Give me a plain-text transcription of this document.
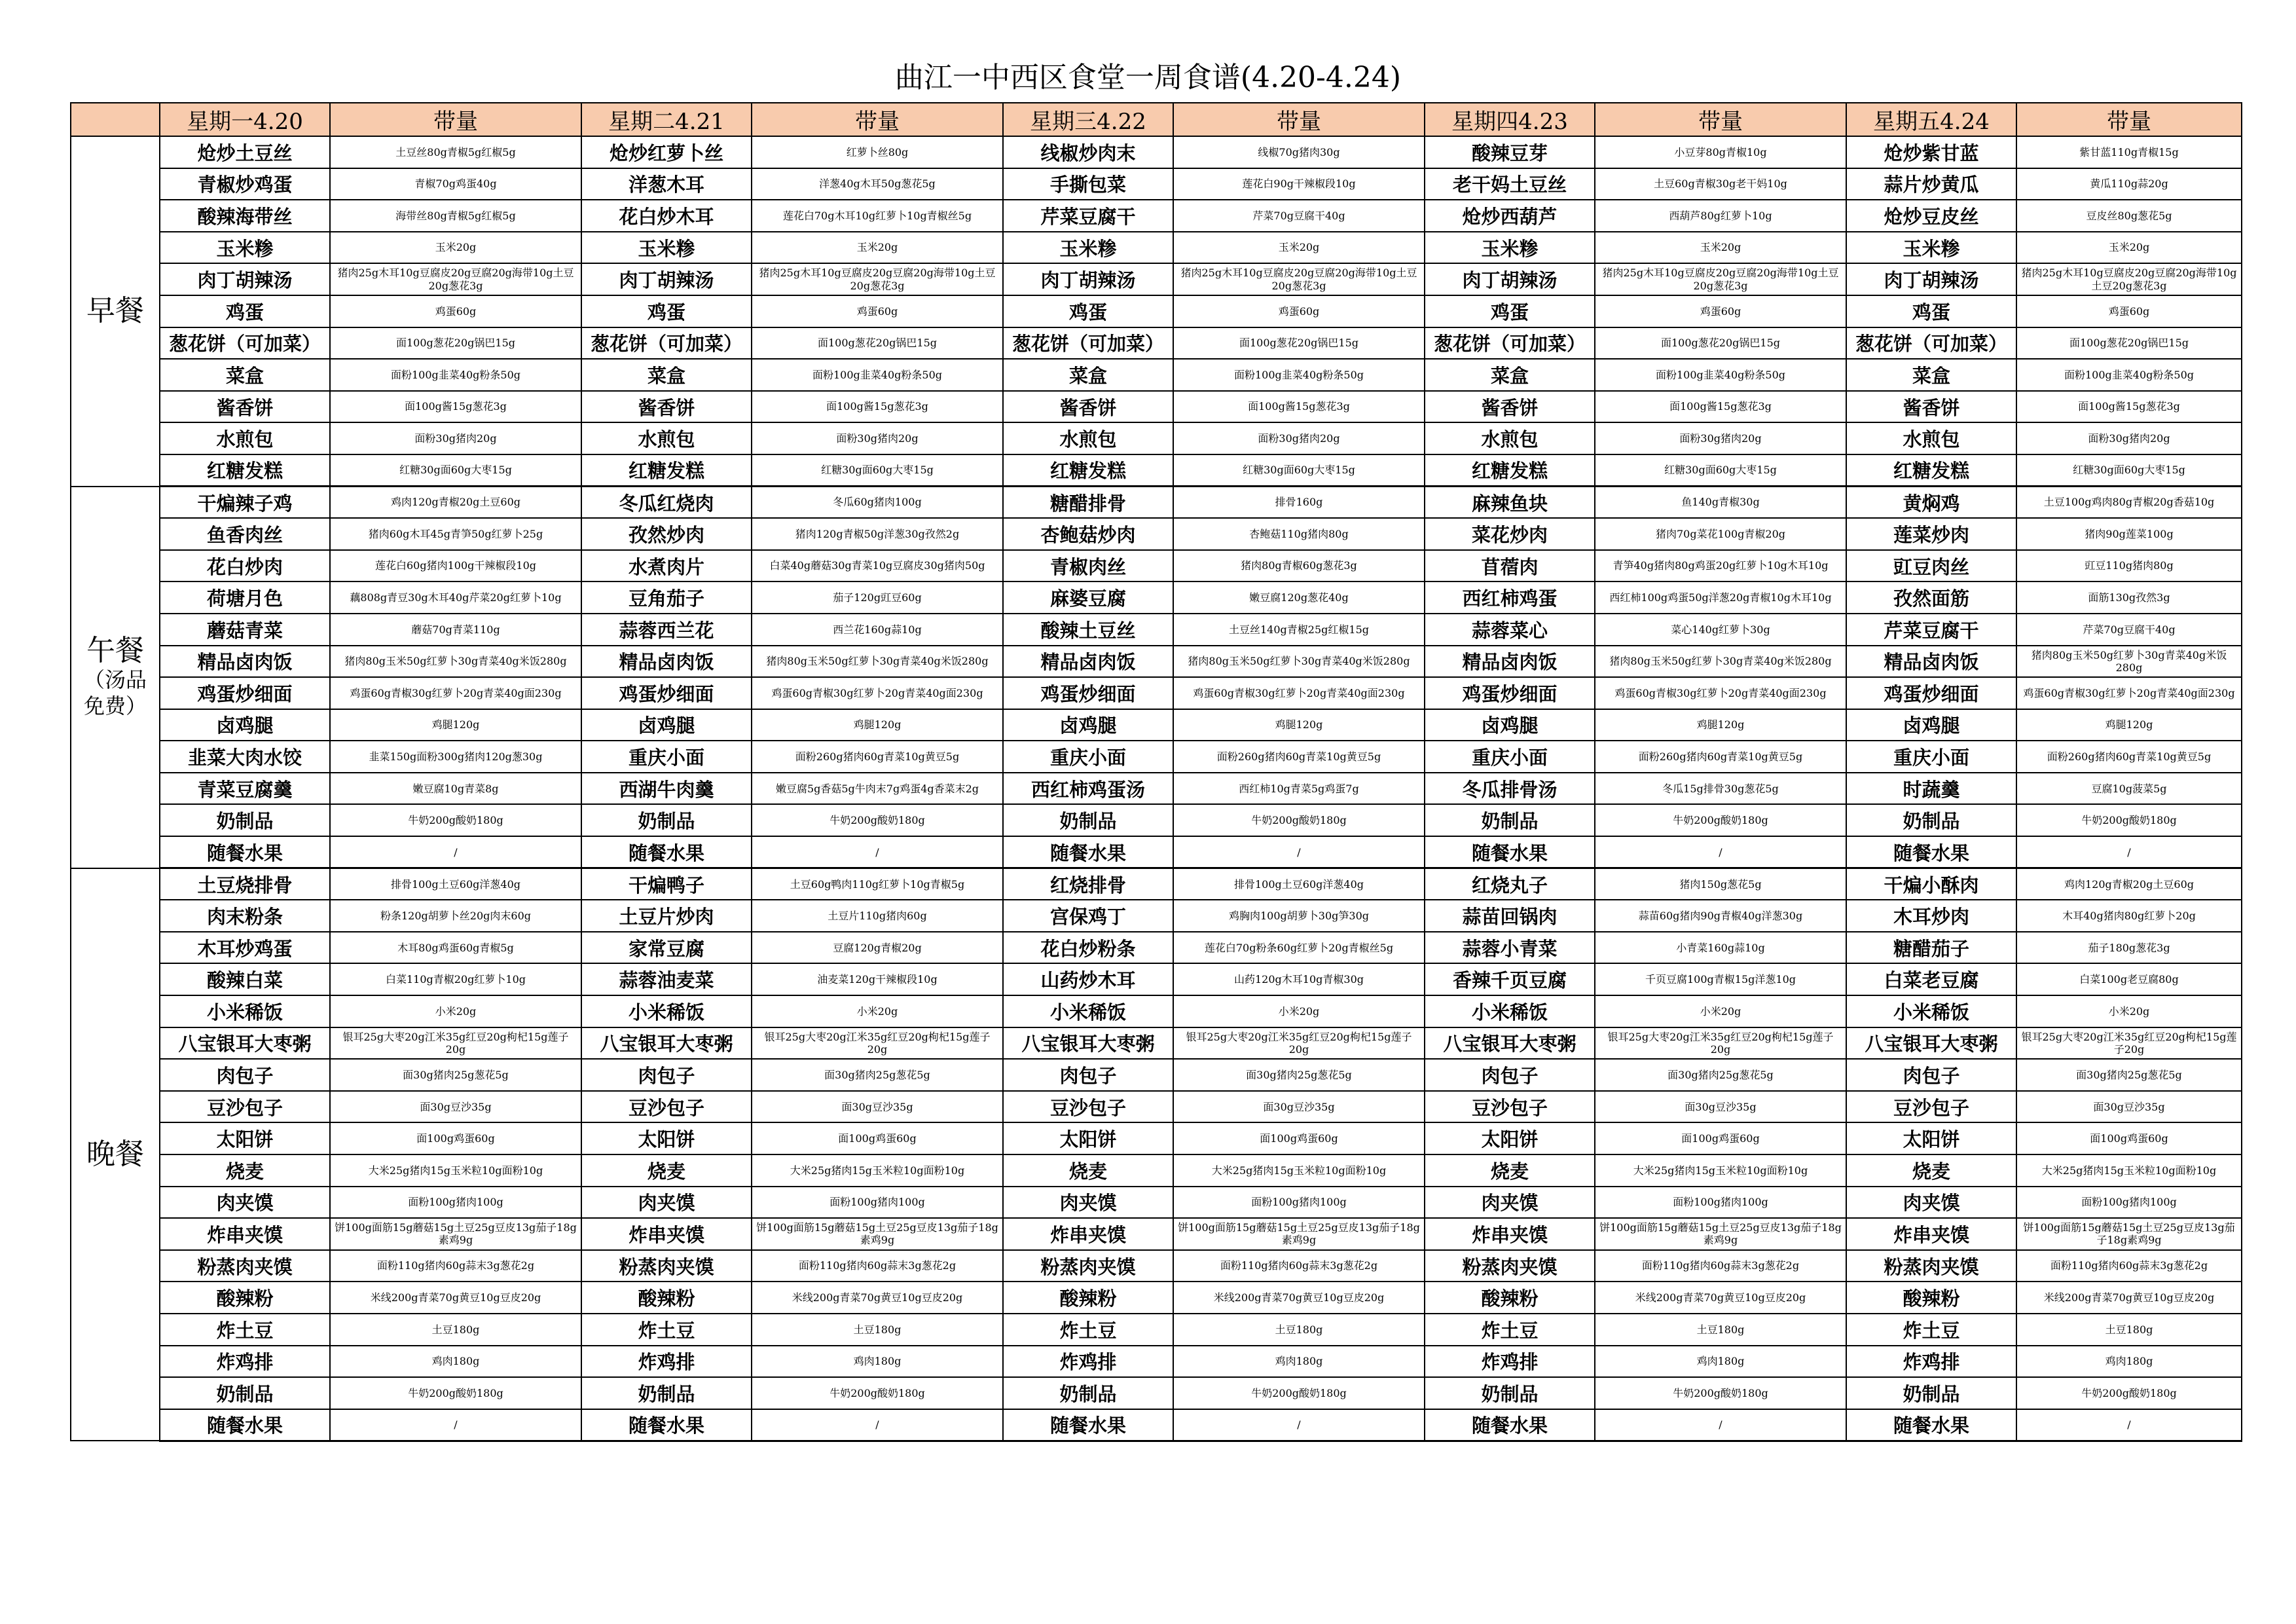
曲江一中西区食堂一周食谱(4.20-4.24)
	星期一4.20	带量	星期二4.21	带量	星期三4.22	带量	星期四4.23	带量	星期五4.24	带量
早餐	炝炒土豆丝	土豆丝80g青椒5g红椒5g	炝炒红萝卜丝	红萝卜丝80g	线椒炒肉末	线椒70g猪肉30g	酸辣豆芽	小豆芽80g青椒10g	炝炒紫甘蓝	紫甘蓝110g青椒15g
	青椒炒鸡蛋	青椒70g鸡蛋40g	洋葱木耳	洋葱40g木耳50g葱花5g	手撕包菜	莲花白90g干辣椒段10g	老干妈土豆丝	土豆60g青椒30g老干妈10g	蒜片炒黄瓜	黄瓜110g蒜20g
	酸辣海带丝	海带丝80g青椒5g红椒5g	花白炒木耳	莲花白70g木耳10g红萝卜10g青椒丝5g	芹菜豆腐干	芹菜70g豆腐干40g	炝炒西葫芦	西葫芦80g红萝卜10g	炝炒豆皮丝	豆皮丝80g葱花5g
	玉米糁	玉米20g	玉米糁	玉米20g	玉米糁	玉米20g	玉米糁	玉米20g	玉米糁	玉米20g
	肉丁胡辣汤	猪肉25g木耳10g豆腐皮20g豆腐20g海带10g土豆20g葱花3g	肉丁胡辣汤	猪肉25g木耳10g豆腐皮20g豆腐20g海带10g土豆20g葱花3g	肉丁胡辣汤	猪肉25g木耳10g豆腐皮20g豆腐20g海带10g土豆20g葱花3g	肉丁胡辣汤	猪肉25g木耳10g豆腐皮20g豆腐20g海带10g土豆20g葱花3g	肉丁胡辣汤	猪肉25g木耳10g豆腐皮20g豆腐20g海带10g土豆20g葱花3g
	鸡蛋	鸡蛋60g	鸡蛋	鸡蛋60g	鸡蛋	鸡蛋60g	鸡蛋	鸡蛋60g	鸡蛋	鸡蛋60g
	葱花饼（可加菜）	面100g葱花20g锅巴15g	葱花饼（可加菜）	面100g葱花20g锅巴15g	葱花饼（可加菜）	面100g葱花20g锅巴15g	葱花饼（可加菜）	面100g葱花20g锅巴15g	葱花饼（可加菜）	面100g葱花20g锅巴15g
	菜盒	面粉100g韭菜40g粉条50g	菜盒	面粉100g韭菜40g粉条50g	菜盒	面粉100g韭菜40g粉条50g	菜盒	面粉100g韭菜40g粉条50g	菜盒	面粉100g韭菜40g粉条50g
	酱香饼	面100g酱15g葱花3g	酱香饼	面100g酱15g葱花3g	酱香饼	面100g酱15g葱花3g	酱香饼	面100g酱15g葱花3g	酱香饼	面100g酱15g葱花3g
	水煎包	面粉30g猪肉20g	水煎包	面粉30g猪肉20g	水煎包	面粉30g猪肉20g	水煎包	面粉30g猪肉20g	水煎包	面粉30g猪肉20g
	红糖发糕	红糖30g面60g大枣15g	红糖发糕	红糖30g面60g大枣15g	红糖发糕	红糖30g面60g大枣15g	红糖发糕	红糖30g面60g大枣15g	红糖发糕	红糖30g面60g大枣15g
午餐
（汤品免费）	干煸辣子鸡	鸡肉120g青椒20g土豆60g	冬瓜红烧肉	冬瓜60g猪肉100g	糖醋排骨	排骨160g	麻辣鱼块	鱼140g青椒30g	黄焖鸡	土豆100g鸡肉80g青椒20g香菇10g
	鱼香肉丝	猪肉60g木耳45g青笋50g红萝卜25g	孜然炒肉	猪肉120g青椒50g洋葱30g孜然2g	杏鲍菇炒肉	杏鲍菇110g猪肉80g	菜花炒肉	猪肉70g菜花100g青椒20g	莲菜炒肉	猪肉90g莲菜100g
	花白炒肉	莲花白60g猪肉100g干辣椒段10g	水煮肉片	白菜40g蘑菇30g青菜10g豆腐皮30g猪肉50g	青椒肉丝	猪肉80g青椒60g葱花3g	苜蓿肉	青笋40g猪肉80g鸡蛋20g红萝卜10g木耳10g	豇豆肉丝	豇豆110g猪肉80g
	荷塘月色	藕808g青豆30g木耳40g芹菜20g红萝卜10g	豆角茄子	茄子120g豇豆60g	麻婆豆腐	嫩豆腐120g葱花40g	西红柿鸡蛋	西红柿100g鸡蛋50g洋葱20g青椒10g木耳10g	孜然面筋	面筋130g孜然3g
	蘑菇青菜	蘑菇70g青菜110g	蒜蓉西兰花	西兰花160g蒜10g	酸辣土豆丝	土豆丝140g青椒25g红椒15g	蒜蓉菜心	菜心140g红萝卜30g	芹菜豆腐干	芹菜70g豆腐干40g
	精品卤肉饭	猪肉80g玉米50g红萝卜30g青菜40g米饭280g	精品卤肉饭	猪肉80g玉米50g红萝卜30g青菜40g米饭280g	精品卤肉饭	猪肉80g玉米50g红萝卜30g青菜40g米饭280g	精品卤肉饭	猪肉80g玉米50g红萝卜30g青菜40g米饭280g	精品卤肉饭	猪肉80g玉米50g红萝卜30g青菜40g米饭280g
	鸡蛋炒细面	鸡蛋60g青椒30g红萝卜20g青菜40g面230g	鸡蛋炒细面	鸡蛋60g青椒30g红萝卜20g青菜40g面230g	鸡蛋炒细面	鸡蛋60g青椒30g红萝卜20g青菜40g面230g	鸡蛋炒细面	鸡蛋60g青椒30g红萝卜20g青菜40g面230g	鸡蛋炒细面	鸡蛋60g青椒30g红萝卜20g青菜40g面230g
	卤鸡腿	鸡腿120g	卤鸡腿	鸡腿120g	卤鸡腿	鸡腿120g	卤鸡腿	鸡腿120g	卤鸡腿	鸡腿120g
	韭菜大肉水饺	韭菜150g面粉300g猪肉120g葱30g	重庆小面	面粉260g猪肉60g青菜10g黄豆5g	重庆小面	面粉260g猪肉60g青菜10g黄豆5g	重庆小面	面粉260g猪肉60g青菜10g黄豆5g	重庆小面	面粉260g猪肉60g青菜10g黄豆5g
	青菜豆腐羹	嫩豆腐10g青菜8g	西湖牛肉羹	嫩豆腐5g香菇5g牛肉末7g鸡蛋4g香菜末2g	西红柿鸡蛋汤	西红柿10g青菜5g鸡蛋7g	冬瓜排骨汤	冬瓜15g排骨30g葱花5g	时蔬羹	豆腐10g菠菜5g
	奶制品	牛奶200g酸奶180g	奶制品	牛奶200g酸奶180g	奶制品	牛奶200g酸奶180g	奶制品	牛奶200g酸奶180g	奶制品	牛奶200g酸奶180g
	随餐水果	/	随餐水果	/	随餐水果	/	随餐水果	/	随餐水果	/
晚餐	土豆烧排骨	排骨100g土豆60g洋葱40g	干煸鸭子	土豆60g鸭肉110g红萝卜10g青椒5g	红烧排骨	排骨100g土豆60g洋葱40g	红烧丸子	猪肉150g葱花5g	干煸小酥肉	鸡肉120g青椒20g土豆60g
	肉末粉条	粉条120g胡萝卜丝20g肉末60g	土豆片炒肉	土豆片110g猪肉60g	宫保鸡丁	鸡胸肉100g胡萝卜30g笋30g	蒜苗回锅肉	蒜苗60g猪肉90g青椒40g洋葱30g	木耳炒肉	木耳40g猪肉80g红萝卜20g
	木耳炒鸡蛋	木耳80g鸡蛋60g青椒5g	家常豆腐	豆腐120g青椒20g	花白炒粉条	莲花白70g粉条60g红萝卜20g青椒丝5g	蒜蓉小青菜	小青菜160g蒜10g	糖醋茄子	茄子180g葱花3g
	酸辣白菜	白菜110g青椒20g红萝卜10g	蒜蓉油麦菜	油麦菜120g干辣椒段10g	山药炒木耳	山药120g木耳10g青椒30g	香辣千页豆腐	千页豆腐100g青椒15g洋葱10g	白菜老豆腐	白菜100g老豆腐80g
	小米稀饭	小米20g	小米稀饭	小米20g	小米稀饭	小米20g	小米稀饭	小米20g	小米稀饭	小米20g
	八宝银耳大枣粥	银耳25g大枣20g江米35g红豆20g枸杞15g莲子20g	八宝银耳大枣粥	银耳25g大枣20g江米35g红豆20g枸杞15g莲子20g	八宝银耳大枣粥	银耳25g大枣20g江米35g红豆20g枸杞15g莲子20g	八宝银耳大枣粥	银耳25g大枣20g江米35g红豆20g枸杞15g莲子20g	八宝银耳大枣粥	银耳25g大枣20g江米35g红豆20g枸杞15g莲子20g
	肉包子	面30g猪肉25g葱花5g	肉包子	面30g猪肉25g葱花5g	肉包子	面30g猪肉25g葱花5g	肉包子	面30g猪肉25g葱花5g	肉包子	面30g猪肉25g葱花5g
	豆沙包子	面30g豆沙35g	豆沙包子	面30g豆沙35g	豆沙包子	面30g豆沙35g	豆沙包子	面30g豆沙35g	豆沙包子	面30g豆沙35g
	太阳饼	面100g鸡蛋60g	太阳饼	面100g鸡蛋60g	太阳饼	面100g鸡蛋60g	太阳饼	面100g鸡蛋60g	太阳饼	面100g鸡蛋60g
	烧麦	大米25g猪肉15g玉米粒10g面粉10g	烧麦	大米25g猪肉15g玉米粒10g面粉10g	烧麦	大米25g猪肉15g玉米粒10g面粉10g	烧麦	大米25g猪肉15g玉米粒10g面粉10g	烧麦	大米25g猪肉15g玉米粒10g面粉10g
	肉夹馍	面粉100g猪肉100g	肉夹馍	面粉100g猪肉100g	肉夹馍	面粉100g猪肉100g	肉夹馍	面粉100g猪肉100g	肉夹馍	面粉100g猪肉100g
	炸串夹馍	饼100g面筋15g蘑菇15g土豆25g豆皮13g茄子18g素鸡9g	炸串夹馍	饼100g面筋15g蘑菇15g土豆25g豆皮13g茄子18g素鸡9g	炸串夹馍	饼100g面筋15g蘑菇15g土豆25g豆皮13g茄子18g素鸡9g	炸串夹馍	饼100g面筋15g蘑菇15g土豆25g豆皮13g茄子18g素鸡9g	炸串夹馍	饼100g面筋15g蘑菇15g土豆25g豆皮13g茄子18g素鸡9g
	粉蒸肉夹馍	面粉110g猪肉60g蒜末3g葱花2g	粉蒸肉夹馍	面粉110g猪肉60g蒜末3g葱花2g	粉蒸肉夹馍	面粉110g猪肉60g蒜末3g葱花2g	粉蒸肉夹馍	面粉110g猪肉60g蒜末3g葱花2g	粉蒸肉夹馍	面粉110g猪肉60g蒜末3g葱花2g
	酸辣粉	米线200g青菜70g黄豆10g豆皮20g	酸辣粉	米线200g青菜70g黄豆10g豆皮20g	酸辣粉	米线200g青菜70g黄豆10g豆皮20g	酸辣粉	米线200g青菜70g黄豆10g豆皮20g	酸辣粉	米线200g青菜70g黄豆10g豆皮20g
	炸土豆	土豆180g	炸土豆	土豆180g	炸土豆	土豆180g	炸土豆	土豆180g	炸土豆	土豆180g
	炸鸡排	鸡肉180g	炸鸡排	鸡肉180g	炸鸡排	鸡肉180g	炸鸡排	鸡肉180g	炸鸡排	鸡肉180g
	奶制品	牛奶200g酸奶180g	奶制品	牛奶200g酸奶180g	奶制品	牛奶200g酸奶180g	奶制品	牛奶200g酸奶180g	奶制品	牛奶200g酸奶180g
	随餐水果	/	随餐水果	/	随餐水果	/	随餐水果	/	随餐水果	/
